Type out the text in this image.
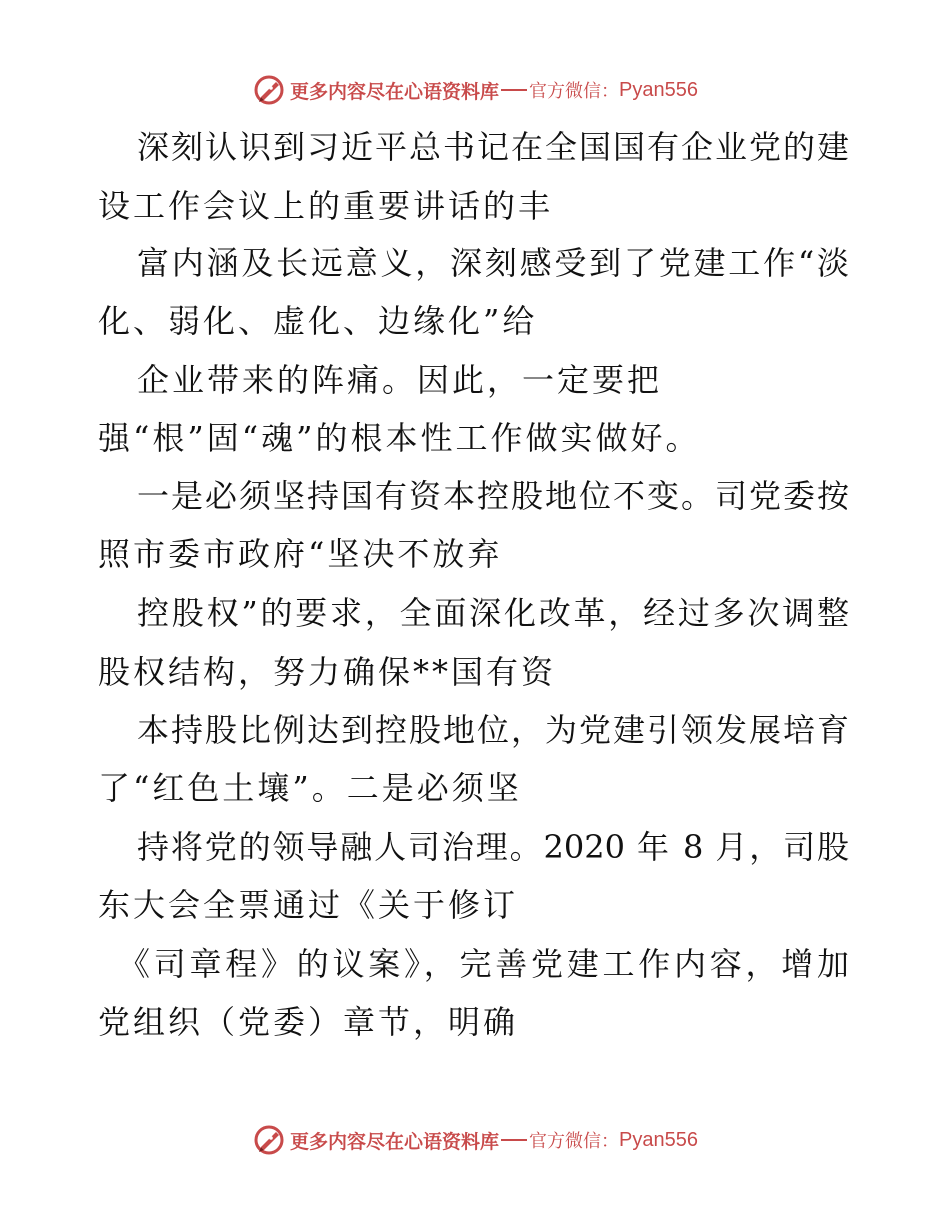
更多内容尽在心语资料库 官方微信： Pyan556
深刻认识到习近平总书记在全国国有企业党的建
设工作会议上的重要讲话的丰
富内涵及长远意义，深刻感受到了党建工作“淡
化、弱化、虚化、边缘化”给
企业带来的阵痛。因此，一定要把
强“根”固“魂”的根本性工作做实做好。
一是必须坚持国有资本控股地位不变。司党委按
照市委市政府“坚决不放弃
控股权”的要求，全面深化改革，经过多次调整
股权结构，努力确保**国有资
本持股比例达到控股地位，为党建引领发展培育
了“红色土壤”。二是必须坚
持将党的领导融人司治理。2020 年 8 月，司股
东大会全票通过《关于修订
《司章程》的议案》，完善党建工作内容，增加
党组织（党委）章节，明确
更多内容尽在心语资料库 官方微信： Pyan556
